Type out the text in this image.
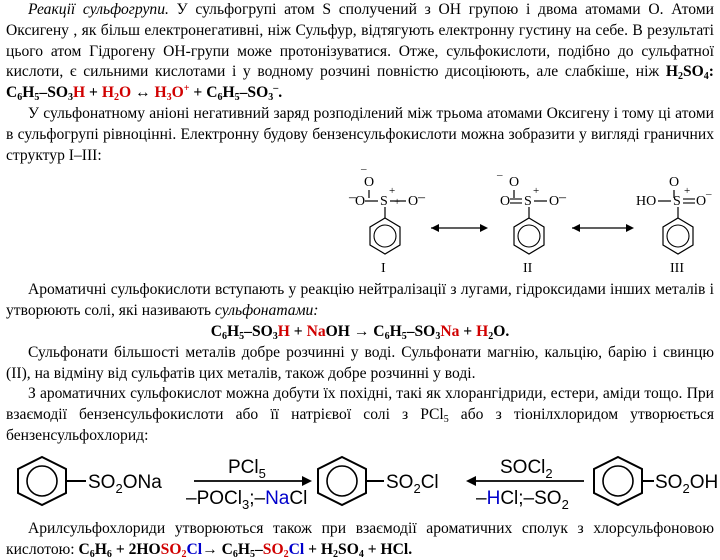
Реакції сульфогрупи. У сульфогрупі атом S сполучений з ОН групою і двома атомами О. Атоми Оксигену , як більш електронегативні, ніж Сульфур, відтягують електронну густину на себе. В результаті цього атом Гідрогену ОН-групи може протонізуватися. Отже, сульфокислоти, подібно до сульфатної кислоти, є сильними кислотами і у водному розчині повністю дисоціюють, але слабкіше, ніж $H_2SO_4$: $C_6H_5-SO_3H + H_2O$ ↔ $H_3O^+ + C_6H_5-SO_3^-$.

У сульфонатному аніоні негативний заряд розподілений між трьома атомами Оксигену і тому ці атоми в сульфогрупі рівноцінні. Електронну будову бензенсульфокислоти можна зобразити у вигляді граничних структур І–ІІІ:

O
–
– O S
+
+ O –
I
– O
O S
+
O –
II
O
HO S
+
O –
III

Ароматичні сульфокислоти вступають у реакцію нейтралізації з лугами, гідроксидами інших металів і утворюють солі, які називають сульфонатами:

$C_6H_5-SO_3H$ + NaOH → $C_6H_5-SO_3Na + H_2O$.

Сульфонати більшості металів добре розчинні у воді. Сульфонати магнію, кальцію, барію і свинцю (ІІ), на відміну від сульфатів цих металів, також добре розчинні у воді.

З ароматичних сульфокислот можна добути їх похідні, такі як хлорангідриди, естери, аміди тощо. При взаємодії бензенсульфокислоти або її натрієвої солі з PCl$_5$ або з тіонілхлоридом утворюється бензенсульфохлорид:

$SO_2ONa$
PCl$_5$
–POCl$_3$;–NaCl
$SO_2Cl$
SOCl$_2$
$-HCl;-SO_2$
$SO_2OH$

Арилсульфохлориди утворюються також при взаємодії ароматичних сполук з хлорсульфоновою кислотою: $C_6H_6$ + $2HOSO_2Cl\to C_6H_5-SO_2Cl + H_2SO_4$ + HCl.
